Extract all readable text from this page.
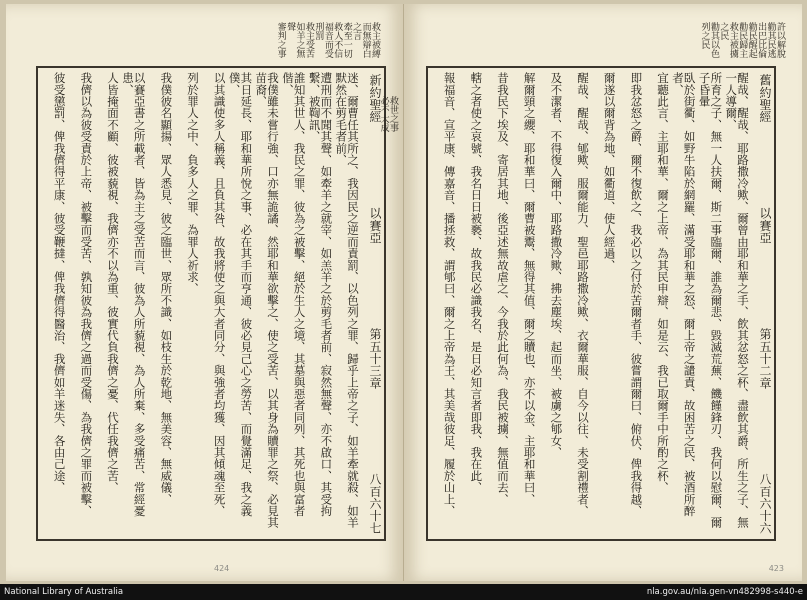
迷、爾曹任其所之、我因民之逆而責罰、以色列之罪、歸乎上帝之子、如羊牽就殺、如羊默然在剪毛者前、
遭刑而不聞其聲、如牽羊之就宰、如羔羊之於剪毛者前、寂然無聲、亦不啟口、其受拘繫、被鞫訊、
誰知其世人、我民之罪、彼為之被擊、絕於生人之境、其墓與惡者同列、其死也與富者偕、
我僕雖未嘗行強、口亦無詭譎、然耶和華欲擊之、使之受苦、以其身為贖罪之祭、必見其苗裔、
其日延長、耶和華所悅之事、必在其手而亨通、彼必見己心之勞苦、而覺滿足、我之義僕、
以其識使多人稱義、且負其咎、故我將使之與大者同分、與強者均獲、因其傾魂至死、
列於罪人之中、負多人之罪、為罪人祈求、
我僕彼名顯揚、眾人悉見、彼之臨世、眾所不識、如枝生於乾地、無美容、無威儀、
以賽亞書之所載者、皆為主之受苦而言、彼為人所藐視、為人所棄、多受痛苦、常經憂患、
人皆掩面不顧、彼被藐視、我儕亦不以為重、彼實代負我儕之憂、代任我儕之苦、
我儕以為彼受責於上帝、被擊而受苦、孰知彼為我儕之過而受傷、為我儕之罪而被擊、
彼受懲罰、俾我儕得平康、彼受鞭撻、俾我儕得醫治、我儕如羊迷失、各由己途、	新約聖經
以賽亞
第五十三章
八百六十七
救主被縛而無辯白之言
牽至一切
救人不信福音而受刑罰
救主受苦如羊之無聲
審判之事
救世之事
必不大成
424
醒哉、醒哉、耶路撒冷歟、爾曾由耶和華之手、飲其忿怒之杯、盡飲其爵、所生之子、無一人導爾、
所育之子、無一人扶爾、斯二事臨爾、誰為爾悲、毀滅荒蕪、饑饉鋒刃、我何以慰爾、爾子昏暈
臥於街衢、如野牛陷於網羅、滿受耶和華之怒、爾上帝之譴責、故困苦之民、被酒所醉者、
宜聽此言、主耶和華、爾之上帝、為其民申辯、如是云、我已取爾手中所酌之杯、
即我忿怒之爵、爾不復飲之、我必以之付於苦爾者手、彼嘗謂爾曰、俯伏、俾我得越、
爾遂以爾背為地、如衢道、使人經過、
醒哉、醒哉、郇歟、服爾能力、聖邑耶路撒冷歟、衣爾華服、自今以往、未受割禮者、
及不潔者、不得復入爾中、耶路撒冷歟、拂去塵埃、起而坐、被虜之郇女、
解爾頸之纓、耶和華曰、爾曹被鬻、無得其值、爾之贖也、亦不以金、主耶和華曰、
昔我民下埃及、寄居其地、後亞述無故虐之、今我於此何為、我民被擄、無值而去、
轄之者使之哀號、我名日日被褻、故我民必識我名、是日必知言者即我、我在此、
報福音、宣平康、傳嘉音、播拯救、謂郇曰、爾之上帝為王、其美哉彼足、履於山上、	舊約聖經
以賽亞
第五十二章
八百六十六
許以解脫
勸其民逃出巴比倫
勸民醒起
勸民歸主
救主被擄之民
勸其以色列之民
423
National Library of Australia	nla.gov.au/nla.gen-vn482998-s440-e
